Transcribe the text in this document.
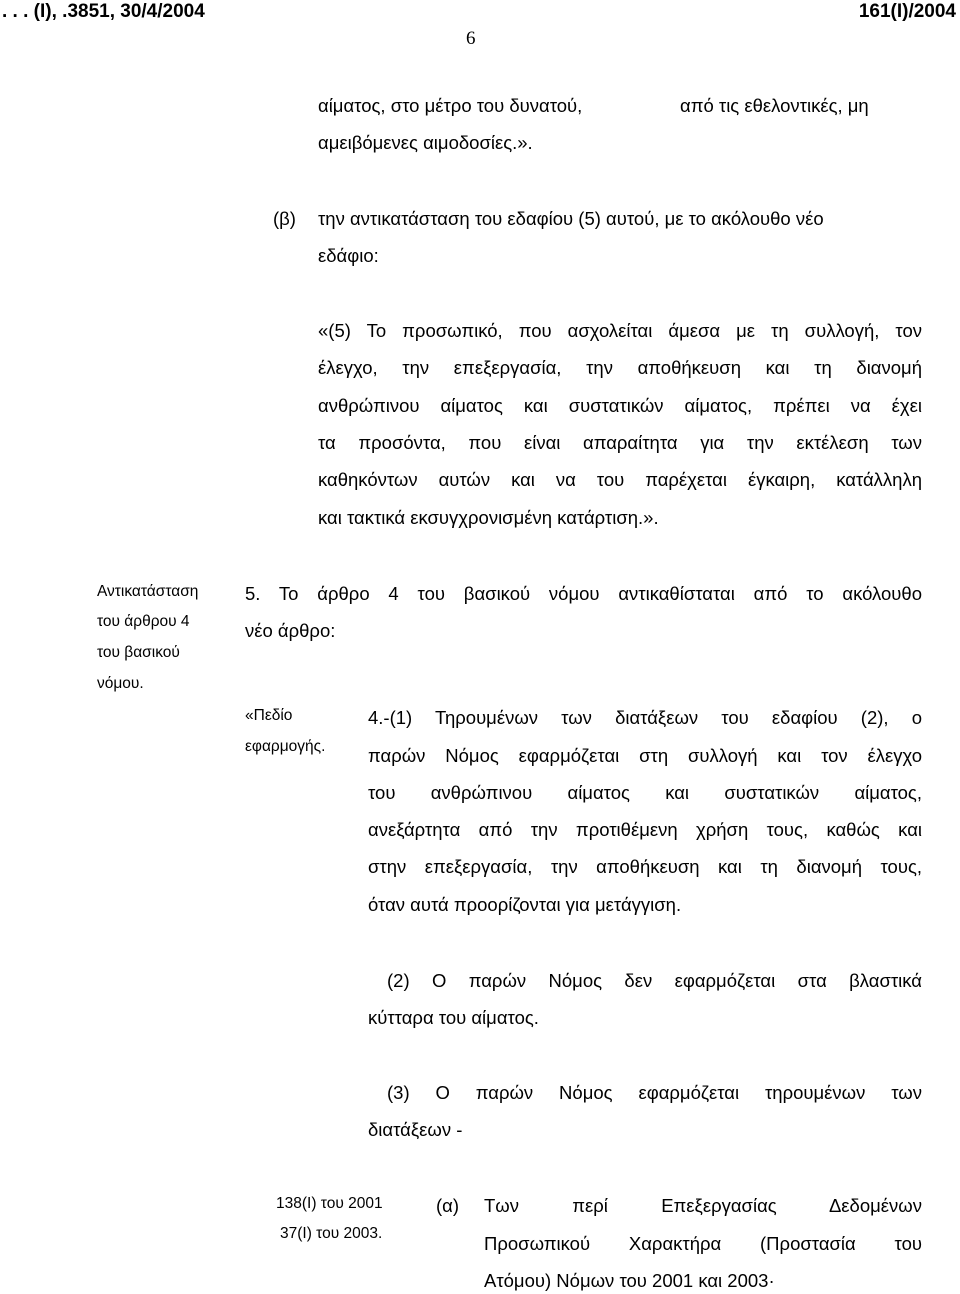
. . . (Ι), .3851, 30/4/2004	161(Ι)/2004
6
αίματος, στο μέτρο του δυνατού,	από τις εθελοντικές, μη
αμειβόμενες αιμοδοσίες.».
(β) την αντικατάσταση του εδαφίου (5) αυτού, με το ακόλουθο νέο
εδάφιο:
«(5) Το προσωπικό, που ασχολείται άμεσα με τη συλλογή, τον
έλεγχο, την επεξεργασία, την αποθήκευση και τη διανομή
ανθρώπινου αίματος και συστατικών αίματος, πρέπει να έχει
τα προσόντα, που είναι απαραίτητα για την εκτέλεση των
καθηκόντων αυτών και να του παρέχεται έγκαιρη, κατάλληλη
και τακτικά εκσυγχρονισμένη κατάρτιση.».
Αντικατάσταση
του άρθρου 4
του βασικού
νόμου.
5. Το άρθρο 4 του βασικού νόμου αντικαθίσταται από το ακόλουθο
νέο άρθρο:
«Πεδίο
εφαρμογής.
4.-(1) Τηρουμένων των διατάξεων του εδαφίου (2), ο
παρών Νόμος εφαρμόζεται στη συλλογή και τον έλεγχο
του ανθρώπινου αίματος και συστατικών αίματος,
ανεξάρτητα από την προτιθέμενη χρήση τους, καθώς και
στην επεξεργασία, την αποθήκευση και τη διανομή τους,
όταν αυτά προορίζονται για μετάγγιση.
(2) Ο παρών Νόμος δεν εφαρμόζεται στα βλαστικά
κύτταρα του αίματος.
(3) Ο παρών Νόμος εφαρμόζεται τηρουμένων των
διατάξεων -
138(Ι) του 2001
37(Ι) του 2003.
(α) Των περί Επεξεργασίας Δεδομένων
Προσωπικού Χαρακτήρα (Προστασία του
Ατόμου) Νόμων του 2001 και 2003·
